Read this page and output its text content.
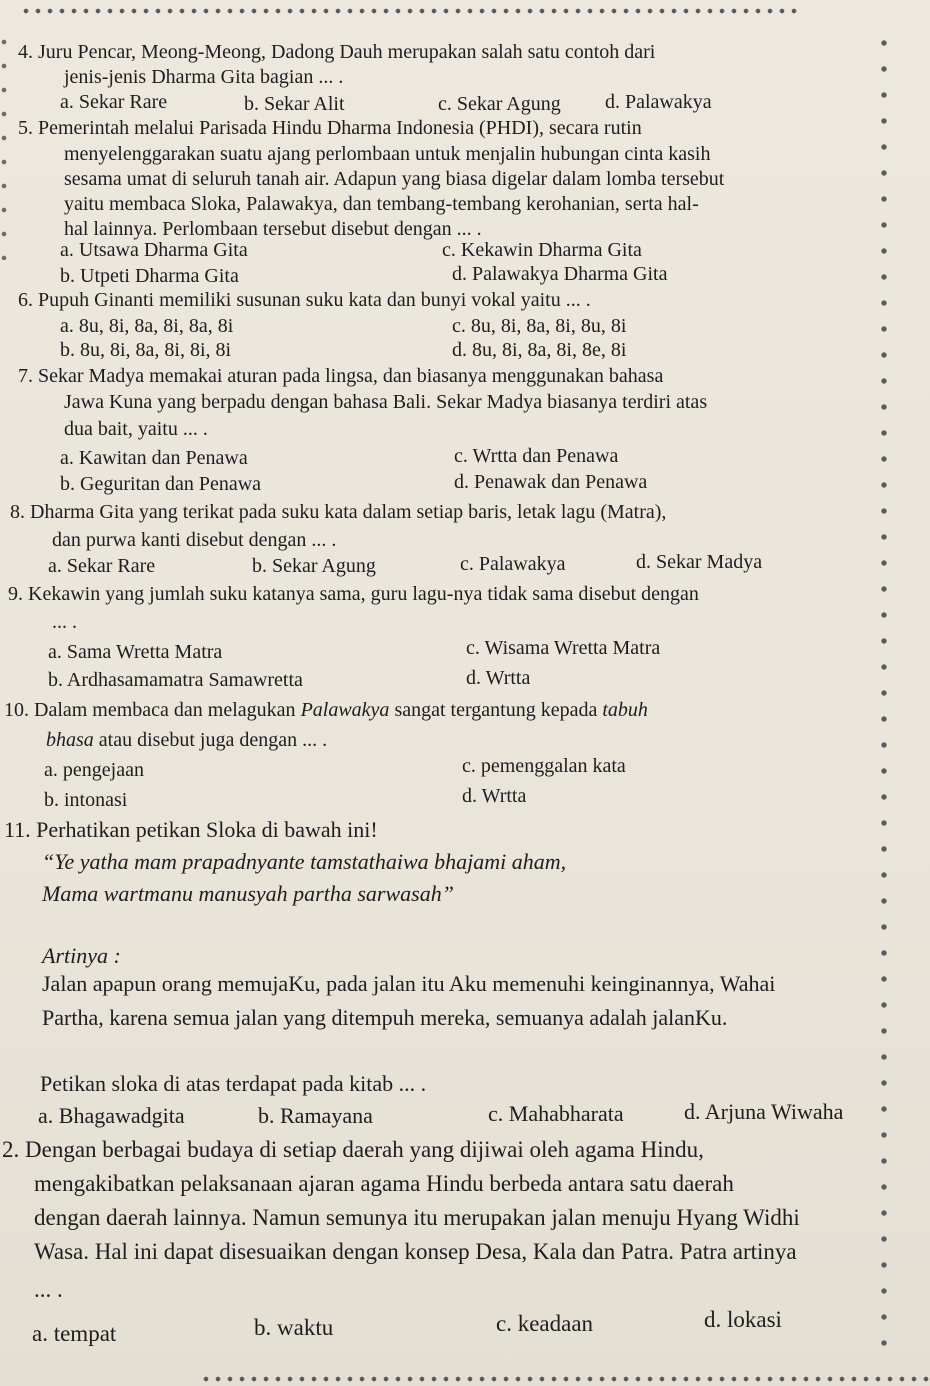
4. Juru Pencar, Meong-Meong, Dadong Dauh merupakan salah satu contoh dari
jenis-jenis Dharma Gita bagian ... .
a. Sekar Rare	b. Sekar Alit	c. Sekar Agung d. Palawakya
5. Pemerintah melalui Parisada Hindu Dharma Indonesia (PHDI), secara rutin
menyelenggarakan suatu ajang perlombaan untuk menjalin hubungan cinta kasih
sesama umat di seluruh tanah air. Adapun yang biasa digelar dalam lomba tersebut
yaitu membaca Sloka, Palawakya, dan tembang-tembang kerohanian, serta hal-
hal lainnya. Perlombaan tersebut disebut dengan ... .
a. Utsawa Dharma Gita	c. Kekawin Dharma Gita
b. Utpeti Dharma Gita	d. Palawakya Dharma Gita
6. Pupuh Ginanti memiliki susunan suku kata dan bunyi vokal yaitu ... .
a. 8u, 8i, 8a, 8i, 8a, 8i	c. 8u, 8i, 8a, 8i, 8u, 8i
b. 8u, 8i, 8a, 8i, 8i, 8i	d. 8u, 8i, 8a, 8i, 8e, 8i
7. Sekar Madya memakai aturan pada lingsa, dan biasanya menggunakan bahasa
Jawa Kuna yang berpadu dengan bahasa Bali. Sekar Madya biasanya terdiri atas
dua bait, yaitu ... .
a. Kawitan dan Penawa	c. Wrtta dan Penawa
b. Geguritan dan Penawa	d. Penawak dan Penawa
8. Dharma Gita yang terikat pada suku kata dalam setiap baris, letak lagu (Matra),
dan purwa kanti disebut dengan ... .
a. Sekar Rare	b. Sekar Agung	c. Palawakya	d. Sekar Madya
9. Kekawin yang jumlah suku katanya sama, guru lagu-nya tidak sama disebut dengan
... .
a. Sama Wretta Matra	c. Wisama Wretta Matra
b. Ardhasamamatra Samawretta	d. Wrtta
10. Dalam membaca dan melagukan Palawakya sangat tergantung kepada tabuh
bhasa atau disebut juga dengan ... .
a. pengejaan	c. pemenggalan kata
b. intonasi	d. Wrtta
11. Perhatikan petikan Sloka di bawah ini!
“Ye yatha mam prapadnyante tamstathaiwa bhajami aham,
Mama wartmanu manusyah partha sarwasah”
Artinya :
Jalan apapun orang memujaKu, pada jalan itu Aku memenuhi keinginannya, Wahai
Partha, karena semua jalan yang ditempuh mereka, semuanya adalah jalanKu.
Petikan sloka di atas terdapat pada kitab ... .
a. Bhagawadgita	b. Ramayana	c. Mahabharata	d. Arjuna Wiwaha
2. Dengan berbagai budaya di setiap daerah yang dijiwai oleh agama Hindu,
mengakibatkan pelaksanaan ajaran agama Hindu berbeda antara satu daerah
dengan daerah lainnya. Namun semunya itu merupakan jalan menuju Hyang Widhi
Wasa. Hal ini dapat disesuaikan dengan konsep Desa, Kala dan Patra. Patra artinya
... .
a. tempat	b. waktu	c. keadaan	d. lokasi
